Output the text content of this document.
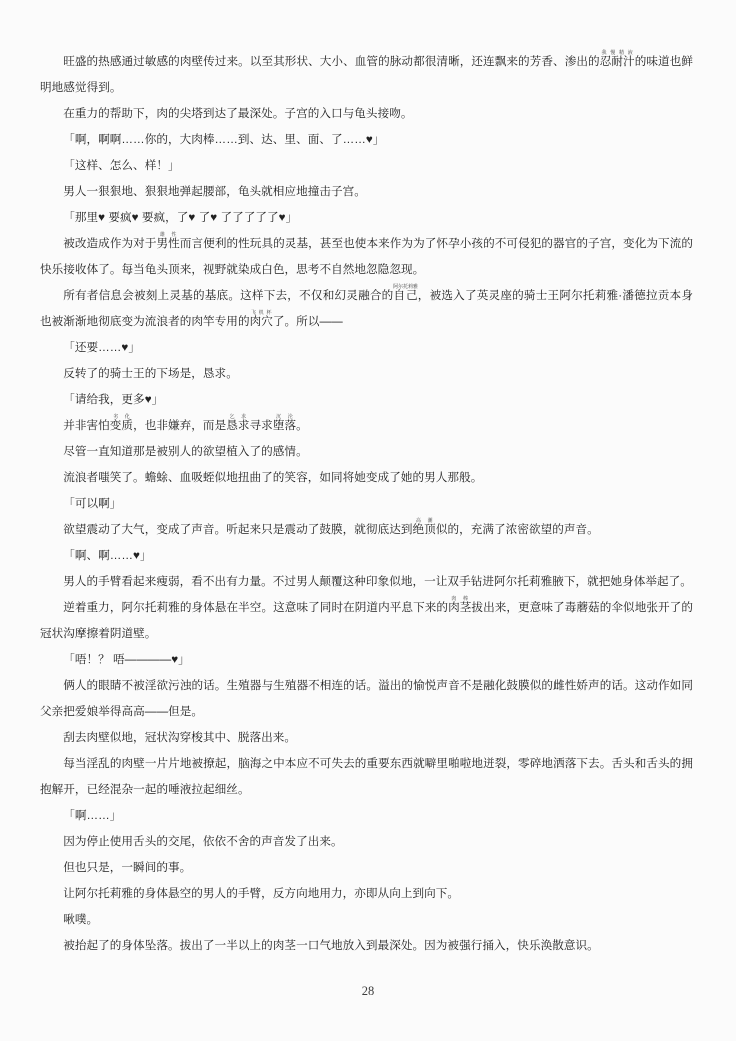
旺盛的热感通过敏感的肉壁传过来。以至其形状、大小、血管的脉动都很清晰，还连飘来的芳香、渗出的忍耐汁我慢精液的味道也鲜明地感觉得到。

在重力的帮助下，肉的尖塔到达了最深处。子宫的入口与龟头接吻。

「啊，啊啊……你的，大肉棒……到、达、里、面、了……♥」

「这样、怎么、样！」

男人一狠狠地、狠狠地弹起腰部，龟头就相应地撞击子宫。

「那里♥ 要疯♥ 要疯，了♥ 了♥ 了了了了了♥」

被改造成作为对于男性雄性而言便利的性玩具的灵基，甚至也使本来作为为了怀孕小孩的不可侵犯的器官的子宫，变化为下流的快乐接收体了。每当龟头顶来，视野就染成白色，思考不自然地忽隐忽现。

所有者信息会被刻上灵基的基底。这样下去，不仅和幻灵融合的自己阿尔托莉雅，被选入了英灵座的骑士王阿尔托莉雅·潘德拉贡本身也被渐渐地彻底变为流浪者的肉竿专用的肉穴飞机杯了。所以——

「还要……♥」

反转了的骑士王的下场是，恳求。

「请给我，更多♥」

并非害怕变质劣化，也非嫌弃，而是恳求乞求寻求堕落沉沦。

尽管一直知道那是被别人的欲望植入了的感情。

流浪者嗤笑了。蟾蜍、血吸蛭似地扭曲了的笑容，如同将她变成了她的男人那般。

「可以啊」

欲望震动了大气，变成了声音。听起来只是震动了鼓膜，就彻底达到绝顶高潮似的，充满了浓密欲望的声音。

「啊、啊……♥」

男人的手臂看起来瘦弱，看不出有力量。不过男人颠覆这种印象似地，一让双手钻进阿尔托莉雅腋下，就把她身体举起了。

逆着重力，阿尔托莉雅的身体悬在半空。这意味了同时在阴道内平息下来的肉茎肉棒拔出来，更意味了毒蘑菇的伞似地张开了的冠状沟摩擦着阴道壁。

「唔！？ 唔————♥」

俩人的眼睛不被淫欲污浊的话。生殖器与生殖器不相连的话。溢出的愉悦声音不是融化鼓膜似的雌性娇声的话。这动作如同父亲把爱娘举得高高——但是。

刮去肉壁似地，冠状沟穿梭其中、脱落出来。

每当淫乱的肉壁一片片地被撩起，脑海之中本应不可失去的重要东西就噼里啪啦地迸裂，零碎地洒落下去。舌头和舌头的拥抱解开，已经混杂一起的唾液拉起细丝。

「啊……」

因为停止使用舌头的交尾，依依不舍的声音发了出来。

但也只是，一瞬间的事。

让阿尔托莉雅的身体悬空的男人的手臂，反方向地用力，亦即从向上到向下。

啾噗。

被抬起了的身体坠落。拔出了一半以上的肉茎一口气地放入到最深处。因为被强行捅入，快乐涣散意识。

28
